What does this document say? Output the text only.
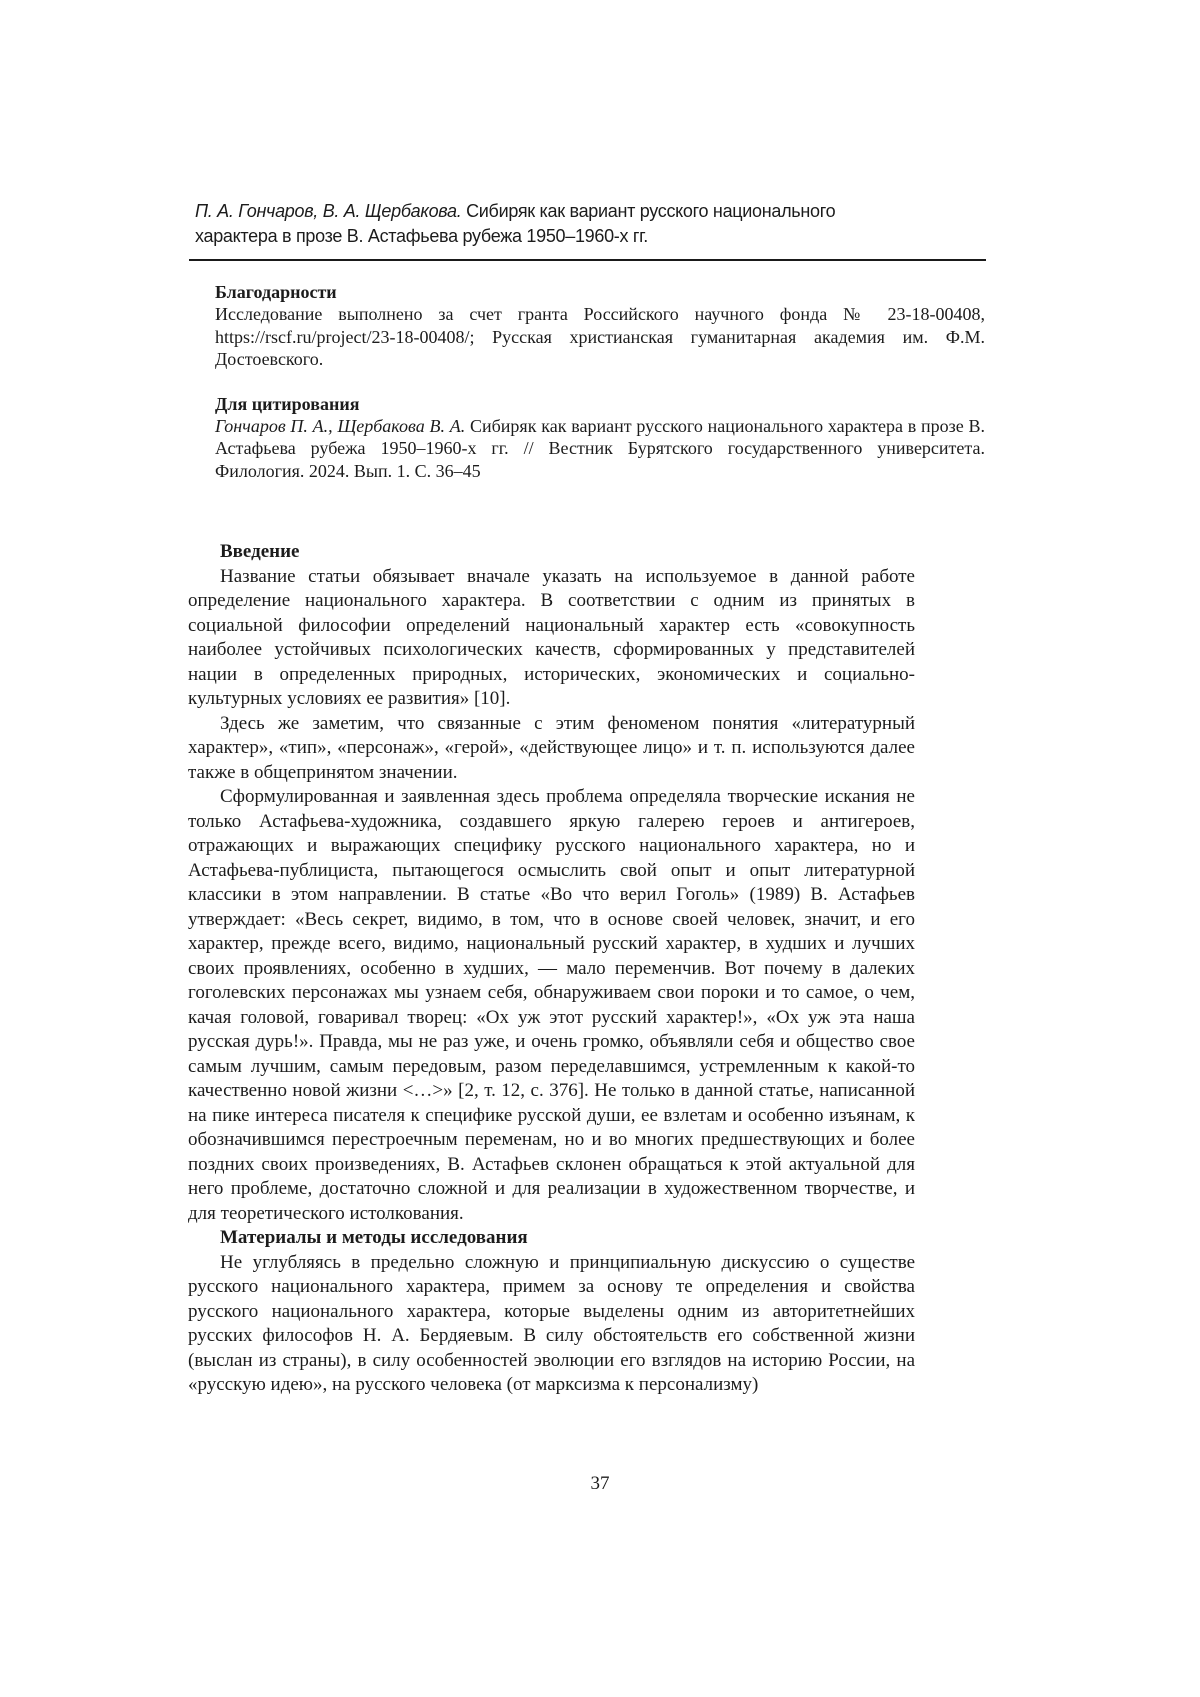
П. А. Гончаров, В. А. Щербакова. Сибиряк как вариант русского национального характера в прозе В. Астафьева рубежа 1950–1960-х гг.
Благодарности

Исследование выполнено за счет гранта Российского научного фонда № 23-18-00408, https://rscf.ru/project/23-18-00408/; Русская христианская гуманитарная академия им. Ф.М. Достоевского.

Для цитирования

Гончаров П. А., Щербакова В. А. Сибиряк как вариант русского национального характера в прозе В. Астафьева рубежа 1950–1960-х гг. // Вестник Бурятского государственного университета. Филология. 2024. Вып. 1. С. 36–45

Введение

Название статьи обязывает вначале указать на используемое в данной работе определение национального характера. В соответствии с одним из принятых в социальной философии определений национальный характер есть «совокупность наиболее устойчивых психологических качеств, сформированных у представителей нации в определенных природных, исторических, экономических и социально-культурных условиях ее развития» [10].

Здесь же заметим, что связанные с этим феноменом понятия «литературный характер», «тип», «персонаж», «герой», «действующее лицо» и т. п. используются далее также в общепринятом значении.

Сформулированная и заявленная здесь проблема определяла творческие искания не только Астафьева-художника, создавшего яркую галерею героев и антигероев, отражающих и выражающих специфику русского национального характера, но и Астафьева-публициста, пытающегося осмыслить свой опыт и опыт литературной классики в этом направлении. В статье «Во что верил Гоголь» (1989) В. Астафьев утверждает: «Весь секрет, видимо, в том, что в основе своей человек, значит, и его характер, прежде всего, видимо, национальный русский характер, в худших и лучших своих проявлениях, особенно в худших, — мало переменчив. Вот почему в далеких гоголевских персонажах мы узнаем себя, обнаруживаем свои пороки и то самое, о чем, качая головой, говаривал творец: «Ох уж этот русский характер!», «Ох уж эта наша русская дурь!». Правда, мы не раз уже, и очень громко, объявляли себя и общество свое самым лучшим, самым передовым, разом переделавшимся, устремленным к какой-то качественно новой жизни <…>» [2, т. 12, с. 376]. Не только в данной статье, написанной на пике интереса писателя к специфике русской души, ее взлетам и особенно изъянам, к обозначившимся перестроечным переменам, но и во многих предшествующих и более поздних своих произведениях, В. Астафьев склонен обращаться к этой актуальной для него проблеме, достаточно сложной и для реализации в художественном творчестве, и для теоретического истолкования.

Материалы и методы исследования

Не углубляясь в предельно сложную и принципиальную дискуссию о существе русского национального характера, примем за основу те определения и свойства русского национального характера, которые выделены одним из авторитетнейших русских философов Н. А. Бердяевым. В силу обстоятельств его собственной жизни (выслан из страны), в силу особенностей эволюции его взглядов на историю России, на «русскую идею», на русского человека (от марксизма к персонализму)

37
